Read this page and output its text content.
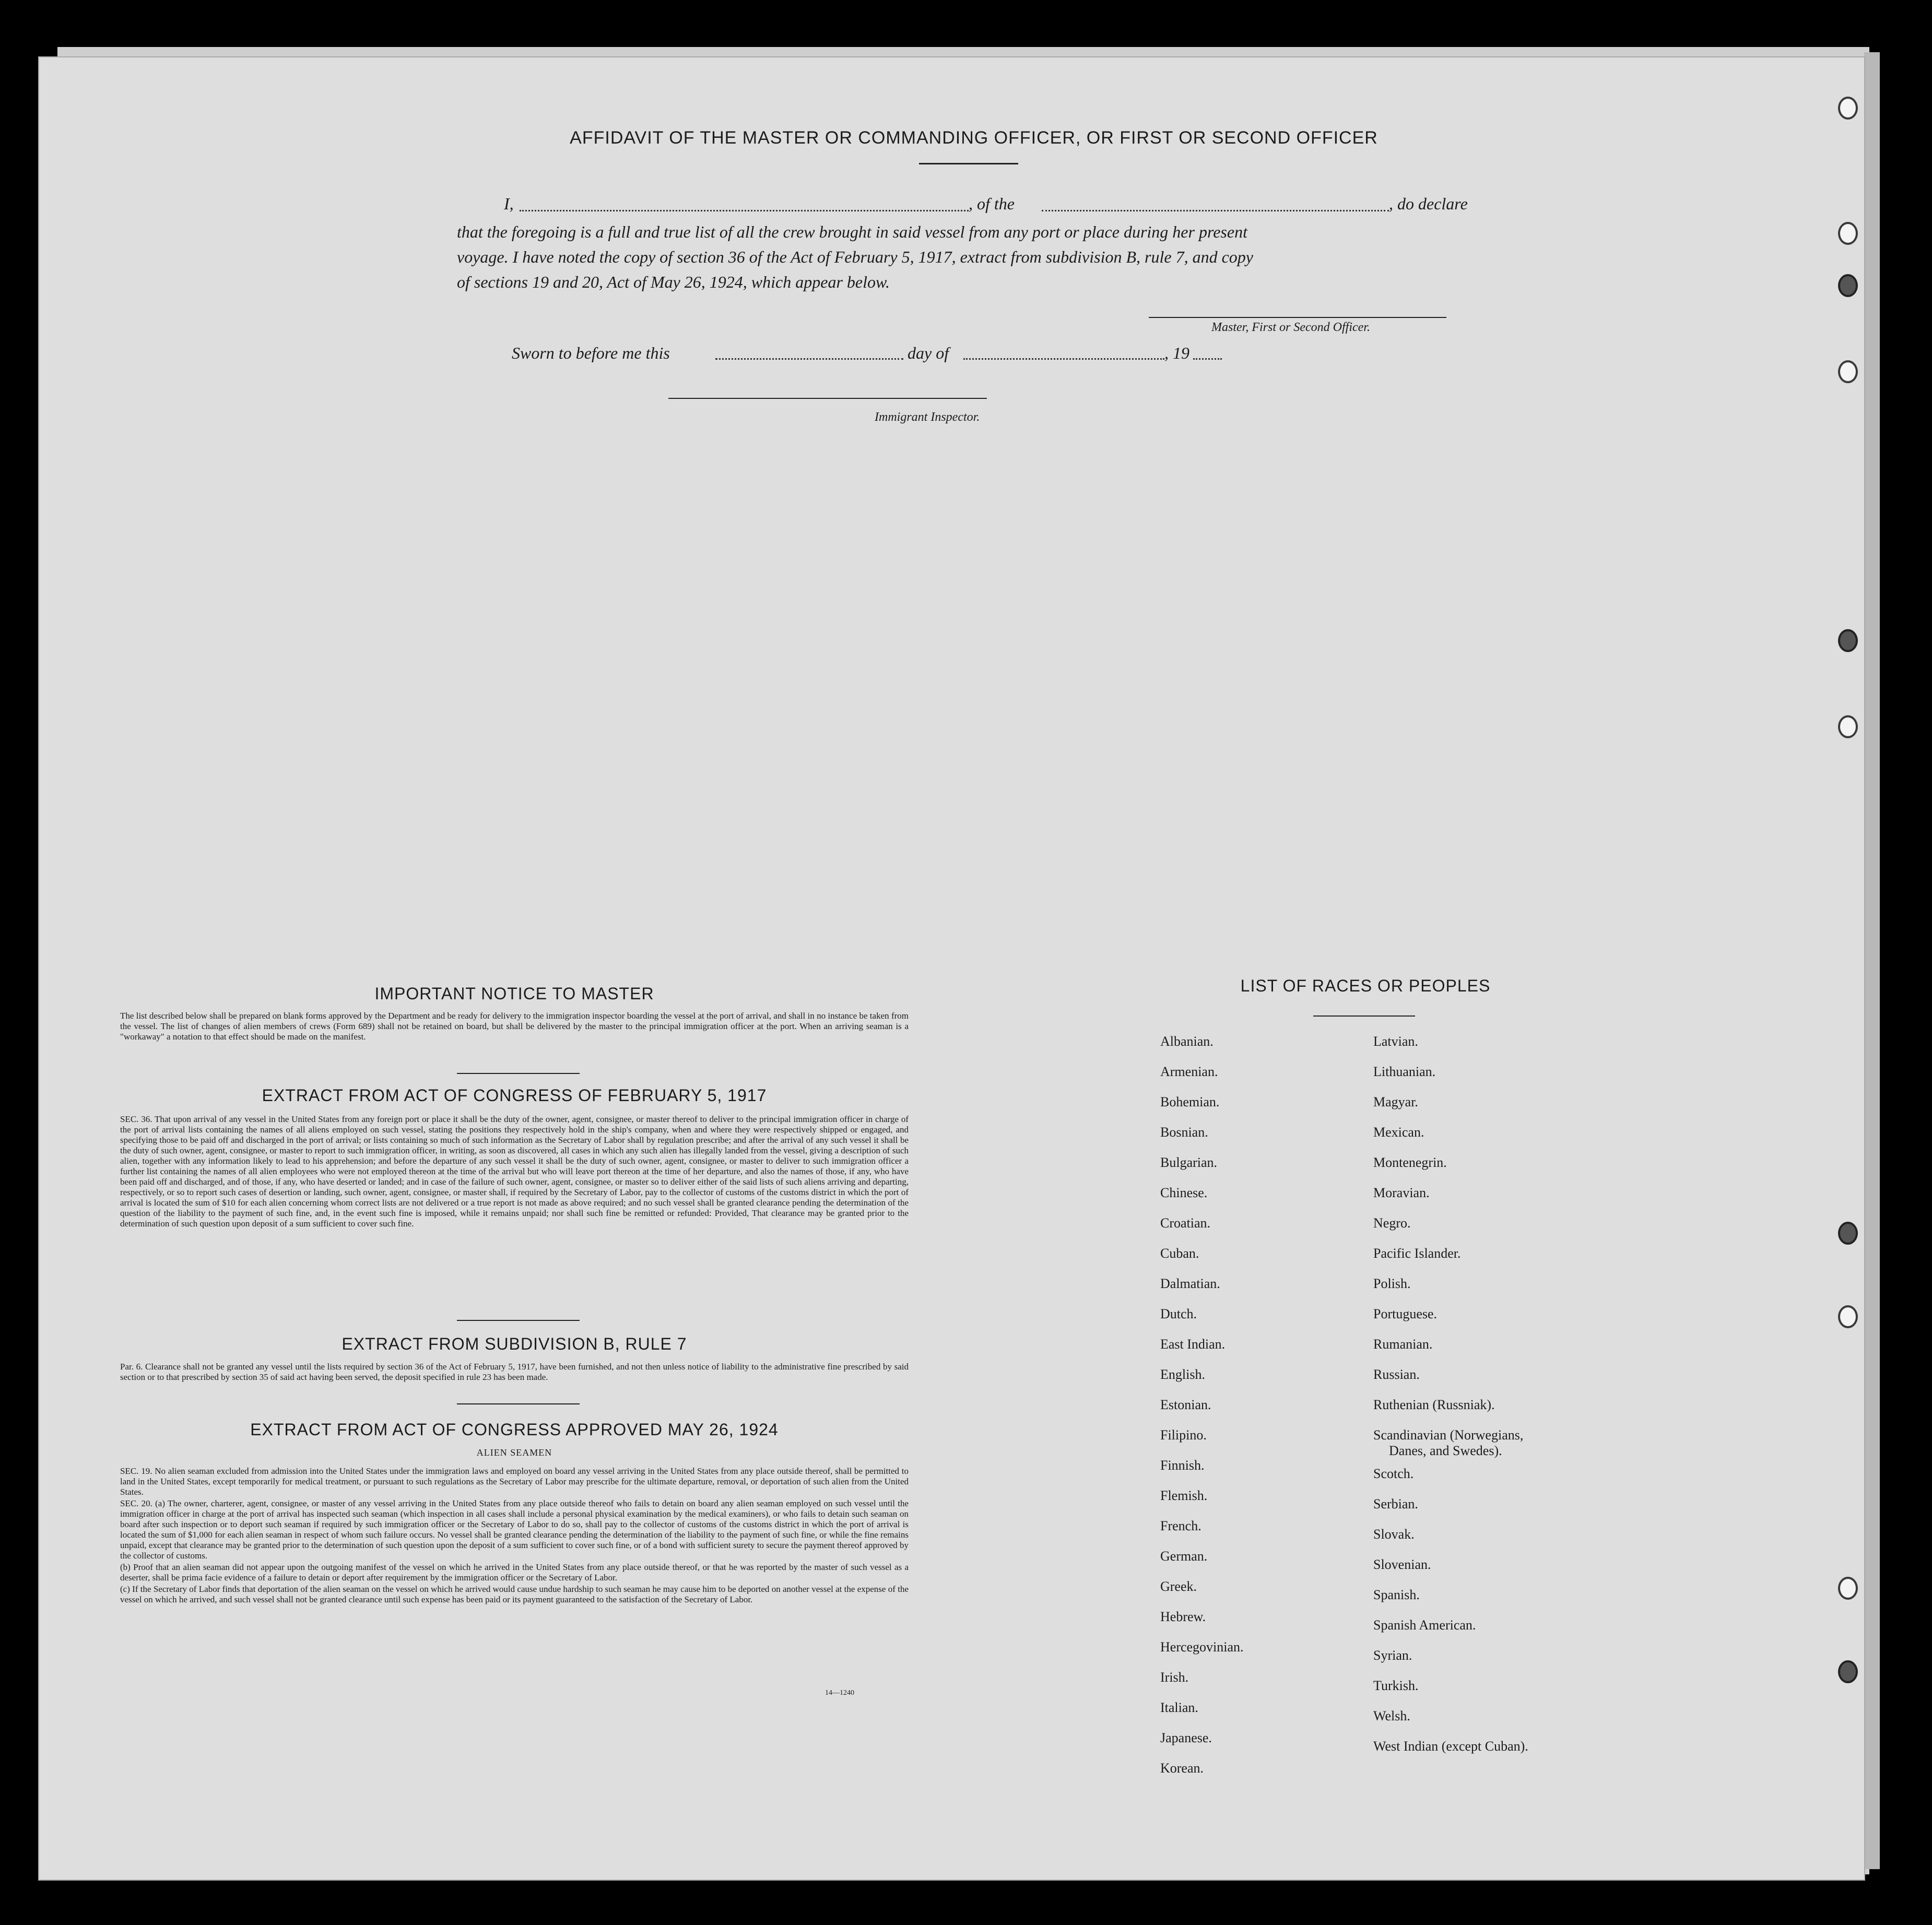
AFFIDAVIT OF THE MASTER OR COMMANDING OFFICER, OR FIRST OR SECOND OFFICER
I,	, of the	, do declare

that the foregoing is a full and true list of all the crew brought in said vessel from any port or place during her present

voyage. I have noted the copy of section 36 of the Act of February 5, 1917, extract from subdivision B, rule 7, and copy

of sections 19 and 20, Act of May 26, 1924, which appear below.

Master, First or Second Officer.
Sworn to before me this	day of	, 19
Immigrant Inspector.
IMPORTANT NOTICE TO MASTER
The list described below shall be prepared on blank forms approved by the Department and be ready for delivery to the immigration inspector boarding the vessel at the port of arrival, and shall in no instance be taken from the vessel. The list of changes of alien members of crews (Form 689) shall not be retained on board, but shall be delivered by the master to the principal immigration officer at the port. When an arriving seaman is a "workaway" a notation to that effect should be made on the manifest.
EXTRACT FROM ACT OF CONGRESS OF FEBRUARY 5, 1917
SEC. 36. That upon arrival of any vessel in the United States from any foreign port or place it shall be the duty of the owner, agent, consignee, or master thereof to deliver to the principal immigration officer in charge of the port of arrival lists containing the names of all aliens employed on such vessel, stating the positions they respectively hold in the ship's company, when and where they were respectively shipped or engaged, and specifying those to be paid off and discharged in the port of arrival; or lists containing so much of such information as the Secretary of Labor shall by regulation prescribe; and after the arrival of any such vessel it shall be the duty of such owner, agent, consignee, or master to report to such immigration officer, in writing, as soon as discovered, all cases in which any such alien has illegally landed from the vessel, giving a description of such alien, together with any information likely to lead to his apprehension; and before the departure of any such vessel it shall be the duty of such owner, agent, consignee, or master to deliver to such immigration officer a further list containing the names of all alien employees who were not employed thereon at the time of the arrival but who will leave port thereon at the time of her departure, and also the names of those, if any, who have been paid off and discharged, and of those, if any, who have deserted or landed; and in case of the failure of such owner, agent, consignee, or master so to deliver either of the said lists of such aliens arriving and departing, respectively, or so to report such cases of desertion or landing, such owner, agent, consignee, or master shall, if required by the Secretary of Labor, pay to the collector of customs of the customs district in which the port of arrival is located the sum of $10 for each alien concerning whom correct lists are not delivered or a true report is not made as above required; and no such vessel shall be granted clearance pending the determination of the question of the liability to the payment of such fine, and, in the event such fine is imposed, while it remains unpaid; nor shall such fine be remitted or refunded: Provided, That clearance may be granted prior to the determination of such question upon deposit of a sum sufficient to cover such fine.
EXTRACT FROM SUBDIVISION B, RULE 7
Par. 6. Clearance shall not be granted any vessel until the lists required by section 36 of the Act of February 5, 1917, have been furnished, and not then unless notice of liability to the administrative fine prescribed by said section or to that prescribed by section 35 of said act having been served, the deposit specified in rule 23 has been made.
EXTRACT FROM ACT OF CONGRESS APPROVED MAY 26, 1924
ALIEN SEAMEN

SEC. 19. No alien seaman excluded from admission into the United States under the immigration laws and employed on board any vessel arriving in the United States from any place outside thereof, shall be permitted to land in the United States, except temporarily for medical treatment, or pursuant to such regulations as the Secretary of Labor may prescribe for the ultimate departure, removal, or deportation of such alien from the United States.

SEC. 20. (a) The owner, charterer, agent, consignee, or master of any vessel arriving in the United States from any place outside thereof who fails to detain on board any alien seaman employed on such vessel until the immigration officer in charge at the port of arrival has inspected such seaman (which inspection in all cases shall include a personal physical examination by the medical examiners), or who fails to detain such seaman on board after such inspection or to deport such seaman if required by such immigration officer or the Secretary of Labor to do so, shall pay to the collector of customs of the customs district in which the port of arrival is located the sum of $1,000 for each alien seaman in respect of whom such failure occurs. No vessel shall be granted clearance pending the determination of the liability to the payment of such fine, or while the fine remains unpaid, except that clearance may be granted prior to the determination of such question upon the deposit of a sum sufficient to cover such fine, or of a bond with sufficient surety to secure the payment thereof approved by the collector of customs.

(b) Proof that an alien seaman did not appear upon the outgoing manifest of the vessel on which he arrived in the United States from any place outside thereof, or that he was reported by the master of such vessel as a deserter, shall be prima facie evidence of a failure to detain or deport after requirement by the immigration officer or the Secretary of Labor.

(c) If the Secretary of Labor finds that deportation of the alien seaman on the vessel on which he arrived would cause undue hardship to such seaman he may cause him to be deported on another vessel at the expense of the vessel on which he arrived, and such vessel shall not be granted clearance until such expense has been paid or its payment guaranteed to the satisfaction of the Secretary of Labor.

14—1240
LIST OF RACES OR PEOPLES
Albanian.
Armenian.
Bohemian.
Bosnian.
Bulgarian.
Chinese.
Croatian.
Cuban.
Dalmatian.
Dutch.
East Indian.
English.
Estonian.
Filipino.
Finnish.
Flemish.
French.
German.
Greek.
Hebrew.
Hercegovinian.
Irish.
Italian.
Japanese.
Korean.
Latvian.
Lithuanian.
Magyar.
Mexican.
Montenegrin.
Moravian.
Negro.
Pacific Islander.
Polish.
Portuguese.
Rumanian.
Russian.
Ruthenian (Russniak).
Scandinavian (Norwegians,
Danes, and Swedes).
Scotch.
Serbian.
Slovak.
Slovenian.
Spanish.
Spanish American.
Syrian.
Turkish.
Welsh.
West Indian (except Cuban).
